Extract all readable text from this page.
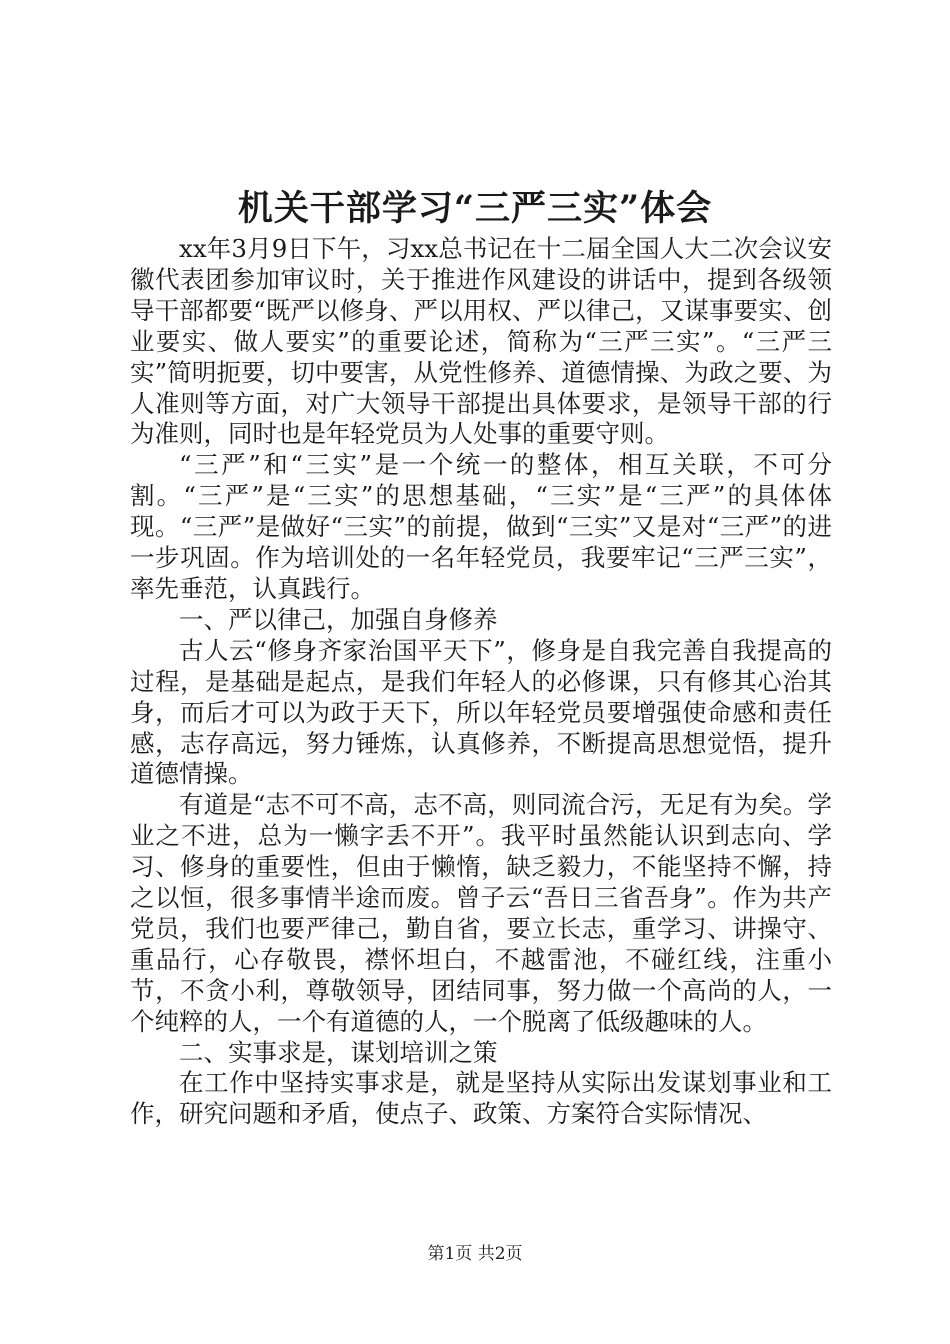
机关干部学习“三严三实”体会

xx年3月9日下午，习xx总书记在十二届全国人大二次会议安徽代表团参加审议时，关于推进作风建设的讲话中，提到各级领导干部都要“既严以修身、严以用权、严以律己，又谋事要实、创业要实、做人要实”的重要论述，简称为“三严三实”。“三严三实”简明扼要，切中要害，从党性修养、道德情操、为政之要、为人准则等方面，对广大领导干部提出具体要求，是领导干部的行为准则，同时也是年轻党员为人处事的重要守则。

“三严”和“三实”是一个统一的整体，相互关联，不可分割。“三严”是“三实”的思想基础，“三实”是“三严”的具体体现。“三严”是做好“三实”的前提，做到“三实”又是对“三严”的进一步巩固。作为培训处的一名年轻党员，我要牢记“三严三实”，率先垂范，认真践行。

一、严以律己，加强自身修养

古人云“修身齐家治国平天下”，修身是自我完善自我提高的过程，是基础是起点，是我们年轻人的必修课，只有修其心治其身，而后才可以为政于天下，所以年轻党员要增强使命感和责任感，志存高远，努力锤炼，认真修养，不断提高思想觉悟，提升道德情操。

有道是“志不可不高，志不高，则同流合污，无足有为矣。学业之不进，总为一懒字丢不开”。我平时虽然能认识到志向、学习、修身的重要性，但由于懒惰，缺乏毅力，不能坚持不懈，持之以恒，很多事情半途而废。曾子云“吾日三省吾身”。作为共产党员，我们也要严律己，勤自省，要立长志，重学习、讲操守、重品行，心存敬畏，襟怀坦白，不越雷池，不碰红线，注重小节，不贪小利，尊敬领导，团结同事，努力做一个高尚的人，一个纯粹的人，一个有道德的人，一个脱离了低级趣味的人。

二、实事求是，谋划培训之策

在工作中坚持实事求是，就是坚持从实际出发谋划事业和工作，研究问题和矛盾，使点子、政策、方案符合实际情况、

第1页 共2页
